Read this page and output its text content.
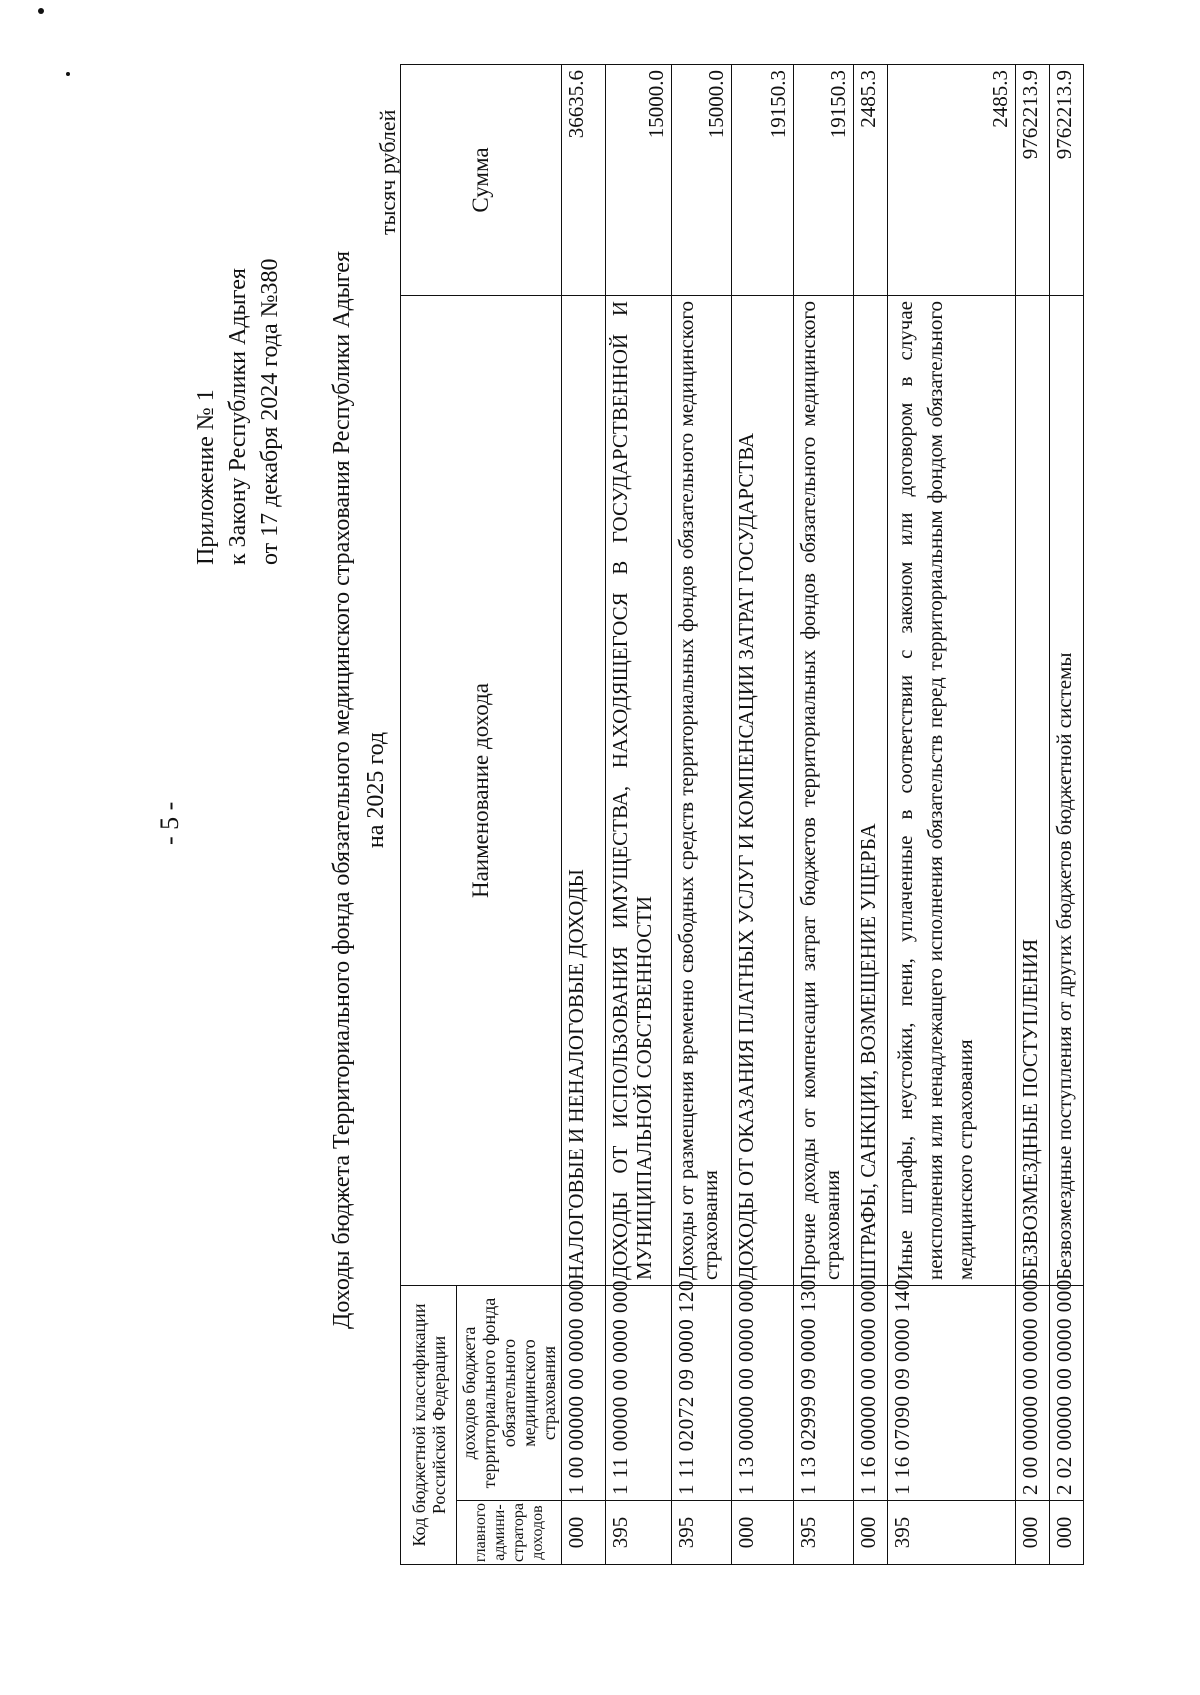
- 5 -
Приложение № 1 к Закону Республики Адыгея от 17 декабря 2024 года №380 Доходы бюджета Территориального фонда обязательного медицинского страхования Республики Адыгея на 2025 год
тысяч рублей
Код бюджетной классификации Российской Федерации		Наименование дохода	Сумма
главного админи-стратора доходов	доходов бюджета территориального фонда обязательного медицинского страхования		
000	1 00 00000 00 0000 000	НАЛОГОВЫЕ И НЕНАЛОГОВЫЕ ДОХОДЫ	36635.6
395	1 11 00000 00 0000 000	ДОХОДЫ ОТ ИСПОЛЬЗОВАНИЯ ИМУЩЕСТВА, НАХОДЯЩЕГОСЯ В ГОСУДАРСТВЕННОЙ И МУНИЦИПАЛЬНОЙ СОБСТВЕННОСТИ	15000.0
395	1 11 02072 09 0000 120	Доходы от размещения временно свободных средств территориальных фондов обязательного медицинского страхования	15000.0
000	1 13 00000 00 0000 000	ДОХОДЫ ОТ ОКАЗАНИЯ ПЛАТНЫХ УСЛУГ И КОМПЕНСАЦИИ ЗАТРАТ ГОСУДАРСТВА	19150.3
395	1 13 02999 09 0000 130	Прочие доходы от компенсации затрат бюджетов территориальных фондов обязательного медицинского страхования	19150.3
000	1 16 00000 00 0000 000	ШТРАФЫ, САНКЦИИ, ВОЗМЕЩЕНИЕ УЩЕРБА	2485.3
395	1 16 07090 09 0000 140	Иные штрафы, неустойки, пени, уплаченные в соответствии с законом или договором в случае неисполнения или ненадлежащего исполнения обязательств перед территориальным фондом обязательного медицинского страхования	2485.3
000	2 00 00000 00 0000 000	БЕЗВОЗМЕЗДНЫЕ ПОСТУПЛЕНИЯ	9762213.9
000	2 02 00000 00 0000 000	Безвозмездные поступления от других бюджетов бюджетной системы	9762213.9
